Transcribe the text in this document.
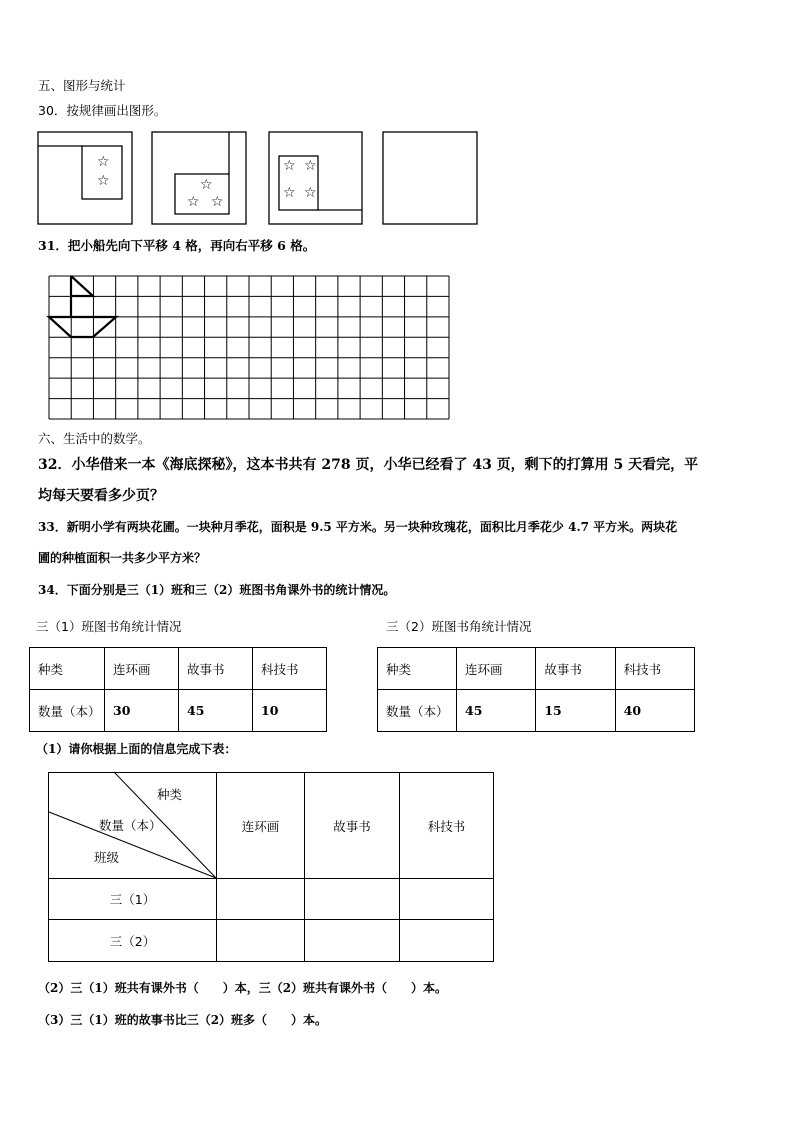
五、图形与统计
30．按规律画出图形。
☆
☆	☆
☆ ☆
☆ ☆
☆ ☆
31．把小船先向下平移 4 格，再向右平移 6 格。
六、生活中的数学。
32．小华借来一本《海底探秘》，这本书共有 278 页，小华已经看了 43 页，剩下的打算用 5 天看完，平
均每天要看多少页？
33．新明小学有两块花圃。一块种月季花，面积是 9.5 平方米。另一块种玫瑰花，面积比月季花少 4.7 平方米。两块花
圃的种植面积一共多少平方米？
34．下面分别是三（1）班和三（2）班图书角课外书的统计情况。
三（1）班图书角统计情况
种类	连环画	故事书	科技书
数量（本）	30	45	10
三（2）班图书角统计情况
种类	连环画	故事书	科技书
数量（本）	45	15	40
（1）请你根据上面的信息完成下表：
种类
数量（本）
班级	连环画	故事书	科技书
三（1）			
三（2）			
（2）三（1）班共有课外书（　　）本，三（2）班共有课外书（　　）本。
（3）三（1）班的故事书比三（2）班多（　　）本。
